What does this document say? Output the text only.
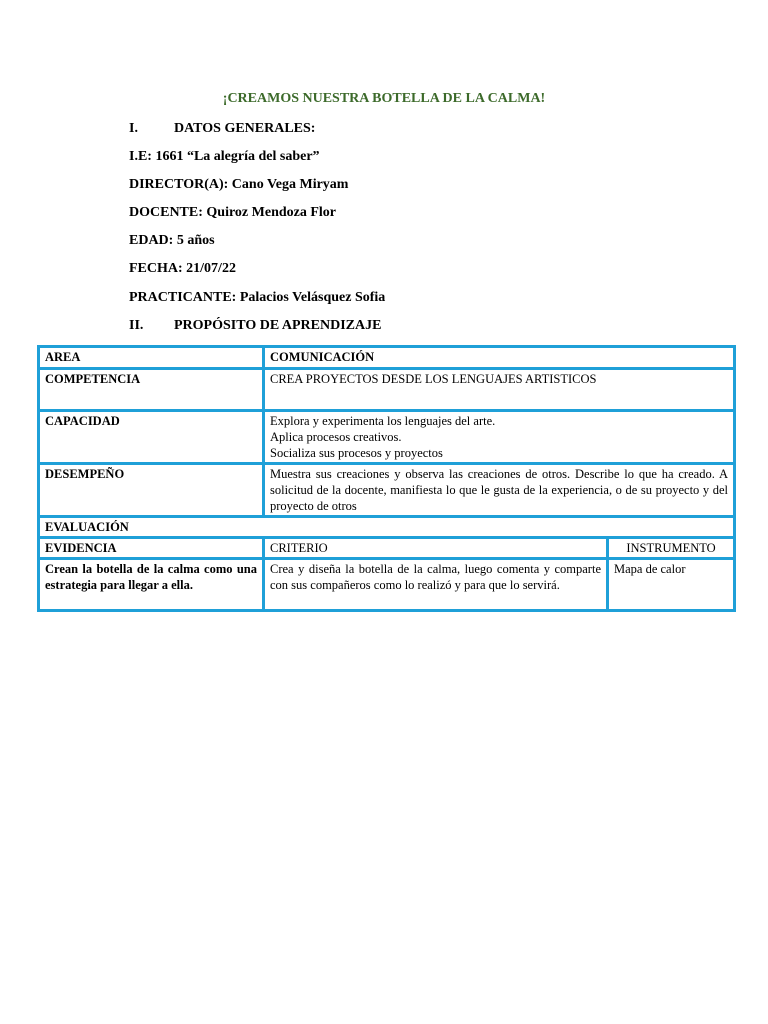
¡CREAMOS NUESTRA BOTELLA DE LA CALMA!
I.	DATOS GENERALES:
I.E: 1661 “La alegría del saber”
DIRECTOR(A): Cano Vega Miryam
DOCENTE: Quiroz Mendoza Flor
EDAD: 5 años
FECHA: 21/07/22
PRACTICANTE: Palacios Velásquez Sofia
II. PROPÓSITO DE APRENDIZAJE
AREA	COMUNICACIÓN	
COMPETENCIA	CREA PROYECTOS DESDE LOS LENGUAJES ARTISTICOS	
CAPACIDAD	Explora y experimenta los lenguajes del arte.
Aplica procesos creativos.
Socializa sus procesos y proyectos	

DESEMPEÑO	Muestra sus creaciones y observa las creaciones de otros. Describe lo que ha creado. A solicitud de la docente, manifiesta lo que le gusta de la experiencia, o de su proyecto y del proyecto de otros	
EVALUACIÓN		
EVIDENCIA	CRITERIO	INSTRUMENTO
Crean la botella de la calma como una estrategia para llegar a ella.	Crea y diseña la botella de la calma, luego comenta y comparte con sus compañeros como lo realizó y para que lo servirá.	Mapa de calor
